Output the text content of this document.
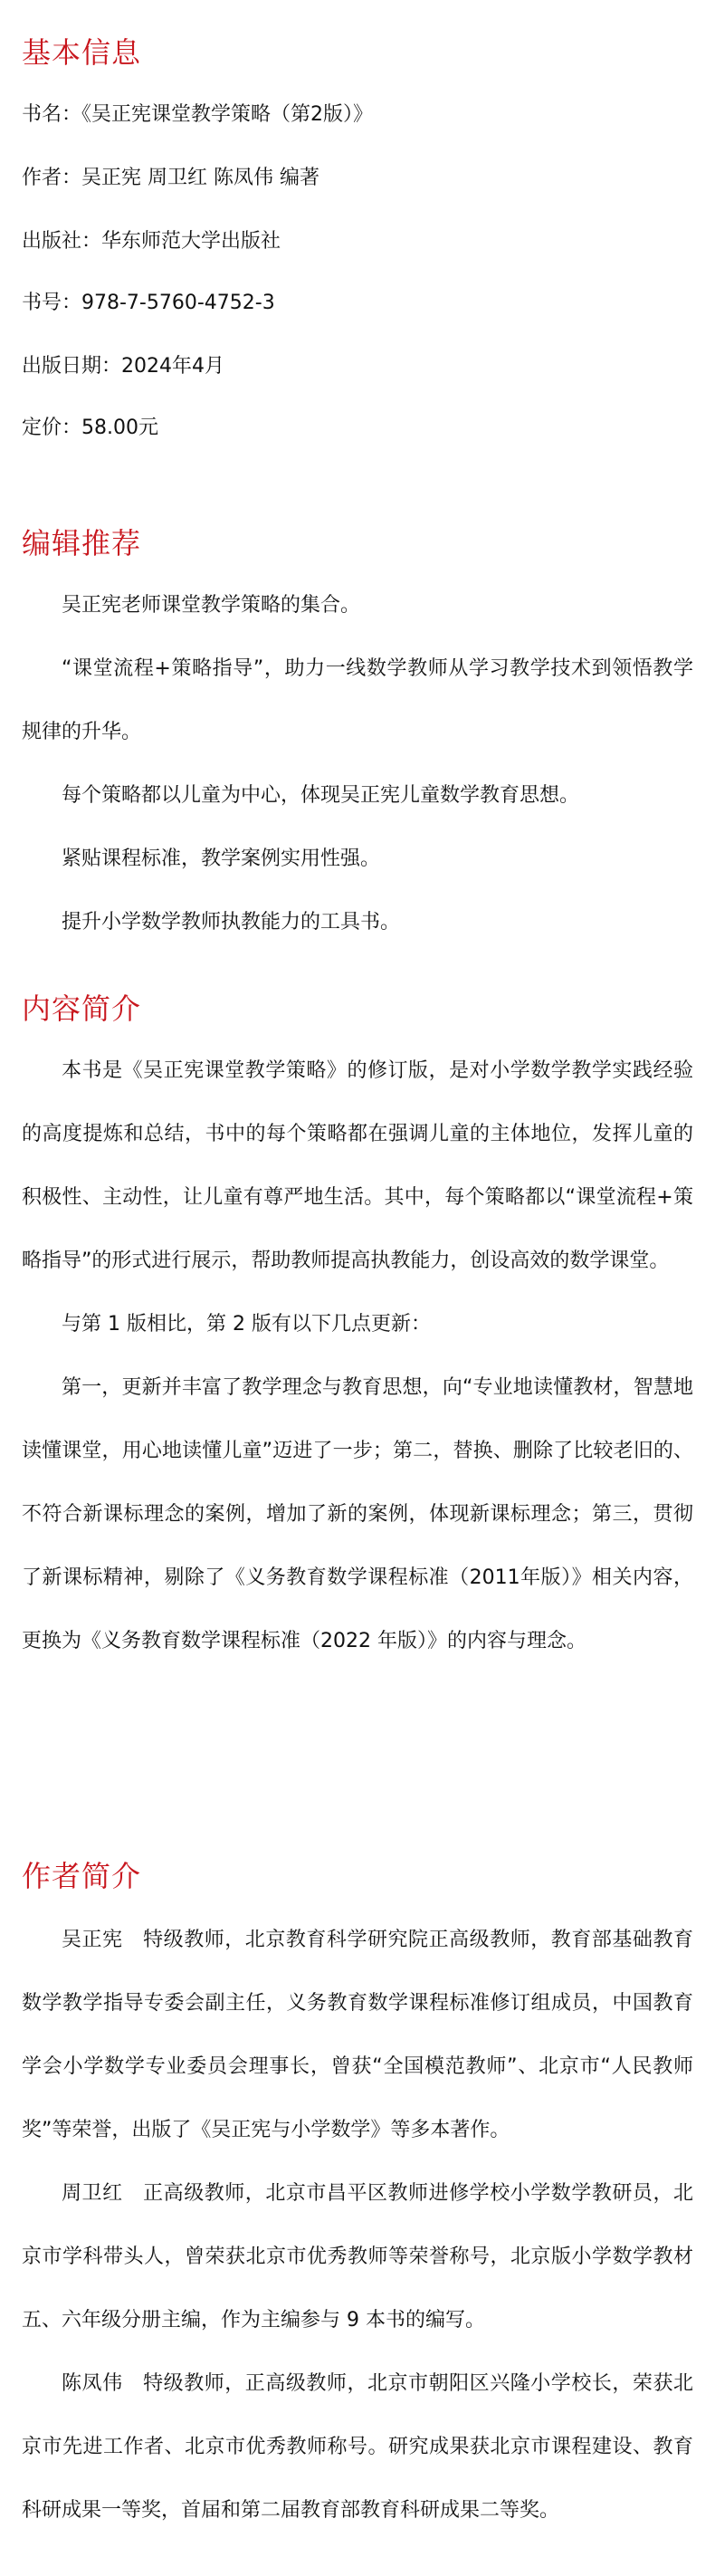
基本信息

书名：《吴正宪课堂教学策略（第2版）》

作者：吴正宪 周卫红 陈凤伟 编著

出版社：华东师范大学出版社

书号：978-7-5760-4752-3

出版日期：2024年4月

定价：58.00元

编辑推荐

吴正宪老师课堂教学策略的集合。

“课堂流程+策略指导”，助力一线数学教师从学习教学技术到领悟教学规律的升华。

每个策略都以儿童为中心，体现吴正宪儿童数学教育思想。

紧贴课程标准，教学案例实用性强。

提升小学数学教师执教能力的工具书。

内容简介

本书是《吴正宪课堂教学策略》的修订版，是对小学数学教学实践经验的高度提炼和总结，书中的每个策略都在强调儿童的主体地位，发挥儿童的积极性、主动性，让儿童有尊严地生活。其中，每个策略都以“课堂流程+策略指导”的形式进行展示，帮助教师提高执教能力，创设高效的数学课堂。

与第 1 版相比，第 2 版有以下几点更新：

第一，更新并丰富了教学理念与教育思想，向“专业地读懂教材，智慧地读懂课堂，用心地读懂儿童”迈进了一步；第二，替换、删除了比较老旧的、不符合新课标理念的案例，增加了新的案例，体现新课标理念；第三，贯彻了新课标精神，剔除了《义务教育数学课程标准（2011年版）》相关内容，更换为《义务教育数学课程标准（2022 年版）》的内容与理念。

作者简介

吴正宪　特级教师，北京教育科学研究院正高级教师，教育部基础教育数学教学指导专委会副主任，义务教育数学课程标准修订组成员，中国教育学会小学数学专业委员会理事长，曾获“全国模范教师”、北京市“人民教师奖”等荣誉，出版了《吴正宪与小学数学》等多本著作。

周卫红　正高级教师，北京市昌平区教师进修学校小学数学教研员，北京市学科带头人，曾荣获北京市优秀教师等荣誉称号，北京版小学数学教材五、六年级分册主编，作为主编参与 9 本书的编写。

陈凤伟　特级教师，正高级教师，北京市朝阳区兴隆小学校长，荣获北京市先进工作者、北京市优秀教师称号。研究成果获北京市课程建设、教育科研成果一等奖，首届和第二届教育部教育科研成果二等奖。
